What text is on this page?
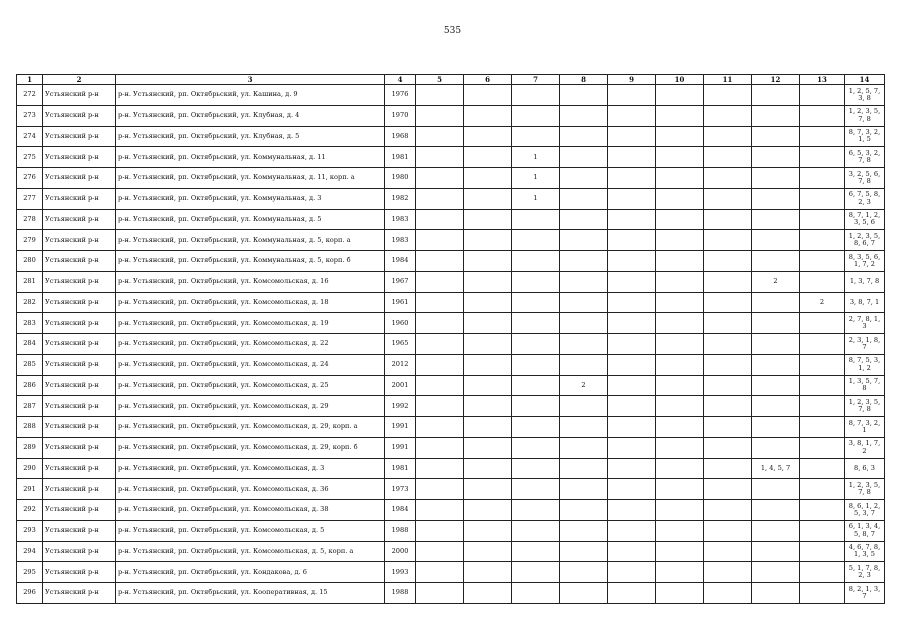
535
1	2	3	4	5	6	7	8	9	10	11	12	13	14
272	Устьянский р-н	р-н. Устьянский, рп. Октябрьский, ул. Кашина, д. 9	1976										1, 2, 5, 7, 3, 8
273	Устьянский р-н	р-н. Устьянский, рп. Октябрьский, ул. Клубная, д. 4	1970										1, 2, 3, 5, 7, 8
274	Устьянский р-н	р-н. Устьянский, рп. Октябрьский, ул. Клубная, д. 5	1968										8, 7, 3, 2, 1, 5
275	Устьянский р-н	р-н. Устьянский, рп. Октябрьский, ул. Коммунальная, д. 11	1981			1							6, 5, 3, 2, 7, 8
276	Устьянский р-н	р-н. Устьянский, рп. Октябрьский, ул. Коммунальная, д. 11, корп. а	1980			1							3, 2, 5, 6, 7, 8
277	Устьянский р-н	р-н. Устьянский, рп. Октябрьский, ул. Коммунальная, д. 3	1982			1							6, 7, 5, 8, 2, 3
278	Устьянский р-н	р-н. Устьянский, рп. Октябрьский, ул. Коммунальная, д. 5	1983										8, 7, 1, 2, 3, 5, 6
279	Устьянский р-н	р-н. Устьянский, рп. Октябрьский, ул. Коммунальная, д. 5, корп. а	1983										1, 2, 3, 5, 8, 6, 7
280	Устьянский р-н	р-н. Устьянский, рп. Октябрьский, ул. Коммунальная, д. 5, корп. б	1984										8, 3, 5, 6, 1, 7, 2
281	Устьянский р-н	р-н. Устьянский, рп. Октябрьский, ул. Комсомольская, д. 16	1967								2		1, 3, 7, 8
282	Устьянский р-н	р-н. Устьянский, рп. Октябрьский, ул. Комсомольская, д. 18	1961									2	3, 8, 7, 1
283	Устьянский р-н	р-н. Устьянский, рп. Октябрьский, ул. Комсомольская, д. 19	1960										2, 7, 8, 1, 3
284	Устьянский р-н	р-н. Устьянский, рп. Октябрьский, ул. Комсомольская, д. 22	1965										2, 3, 1, 8, 7
285	Устьянский р-н	р-н. Устьянский, рп. Октябрьский, ул. Комсомольская, д. 24	2012										8, 7, 5, 3, 1, 2
286	Устьянский р-н	р-н. Устьянский, рп. Октябрьский, ул. Комсомольская, д. 25	2001				2						1, 3, 5, 7, 8
287	Устьянский р-н	р-н. Устьянский, рп. Октябрьский, ул. Комсомольская, д. 29	1992										1, 2, 3, 5, 7, 8
288	Устьянский р-н	р-н. Устьянский, рп. Октябрьский, ул. Комсомольская, д. 29, корп. а	1991										8, 7, 3, 2, 1
289	Устьянский р-н	р-н. Устьянский, рп. Октябрьский, ул. Комсомольская, д. 29, корп. б	1991										3, 8, 1, 7, 2
290	Устьянский р-н	р-н. Устьянский, рп. Октябрьский, ул. Комсомольская, д. 3	1981								1, 4, 5, 7		8, 6, 3
291	Устьянский р-н	р-н. Устьянский, рп. Октябрьский, ул. Комсомольская, д. 36	1973										1, 2, 3, 5, 7, 8
292	Устьянский р-н	р-н. Устьянский, рп. Октябрьский, ул. Комсомольская, д. 38	1984										8, 6, 1, 2, 5, 3, 7
293	Устьянский р-н	р-н. Устьянский, рп. Октябрьский, ул. Комсомольская, д. 5	1988										6, 1, 3, 4, 5, 8, 7
294	Устьянский р-н	р-н. Устьянский, рп. Октябрьский, ул. Комсомольская, д. 5, корп. а	2000										4, 6, 7, 8, 1, 3, 5
295	Устьянский р-н	р-н. Устьянский, рп. Октябрьский, ул. Кондакова, д. 6	1993										5, 1, 7, 8, 2, 3
296	Устьянский р-н	р-н. Устьянский, рп. Октябрьский, ул. Кооперативная, д. 15	1988										8, 2, 1, 3, 7
